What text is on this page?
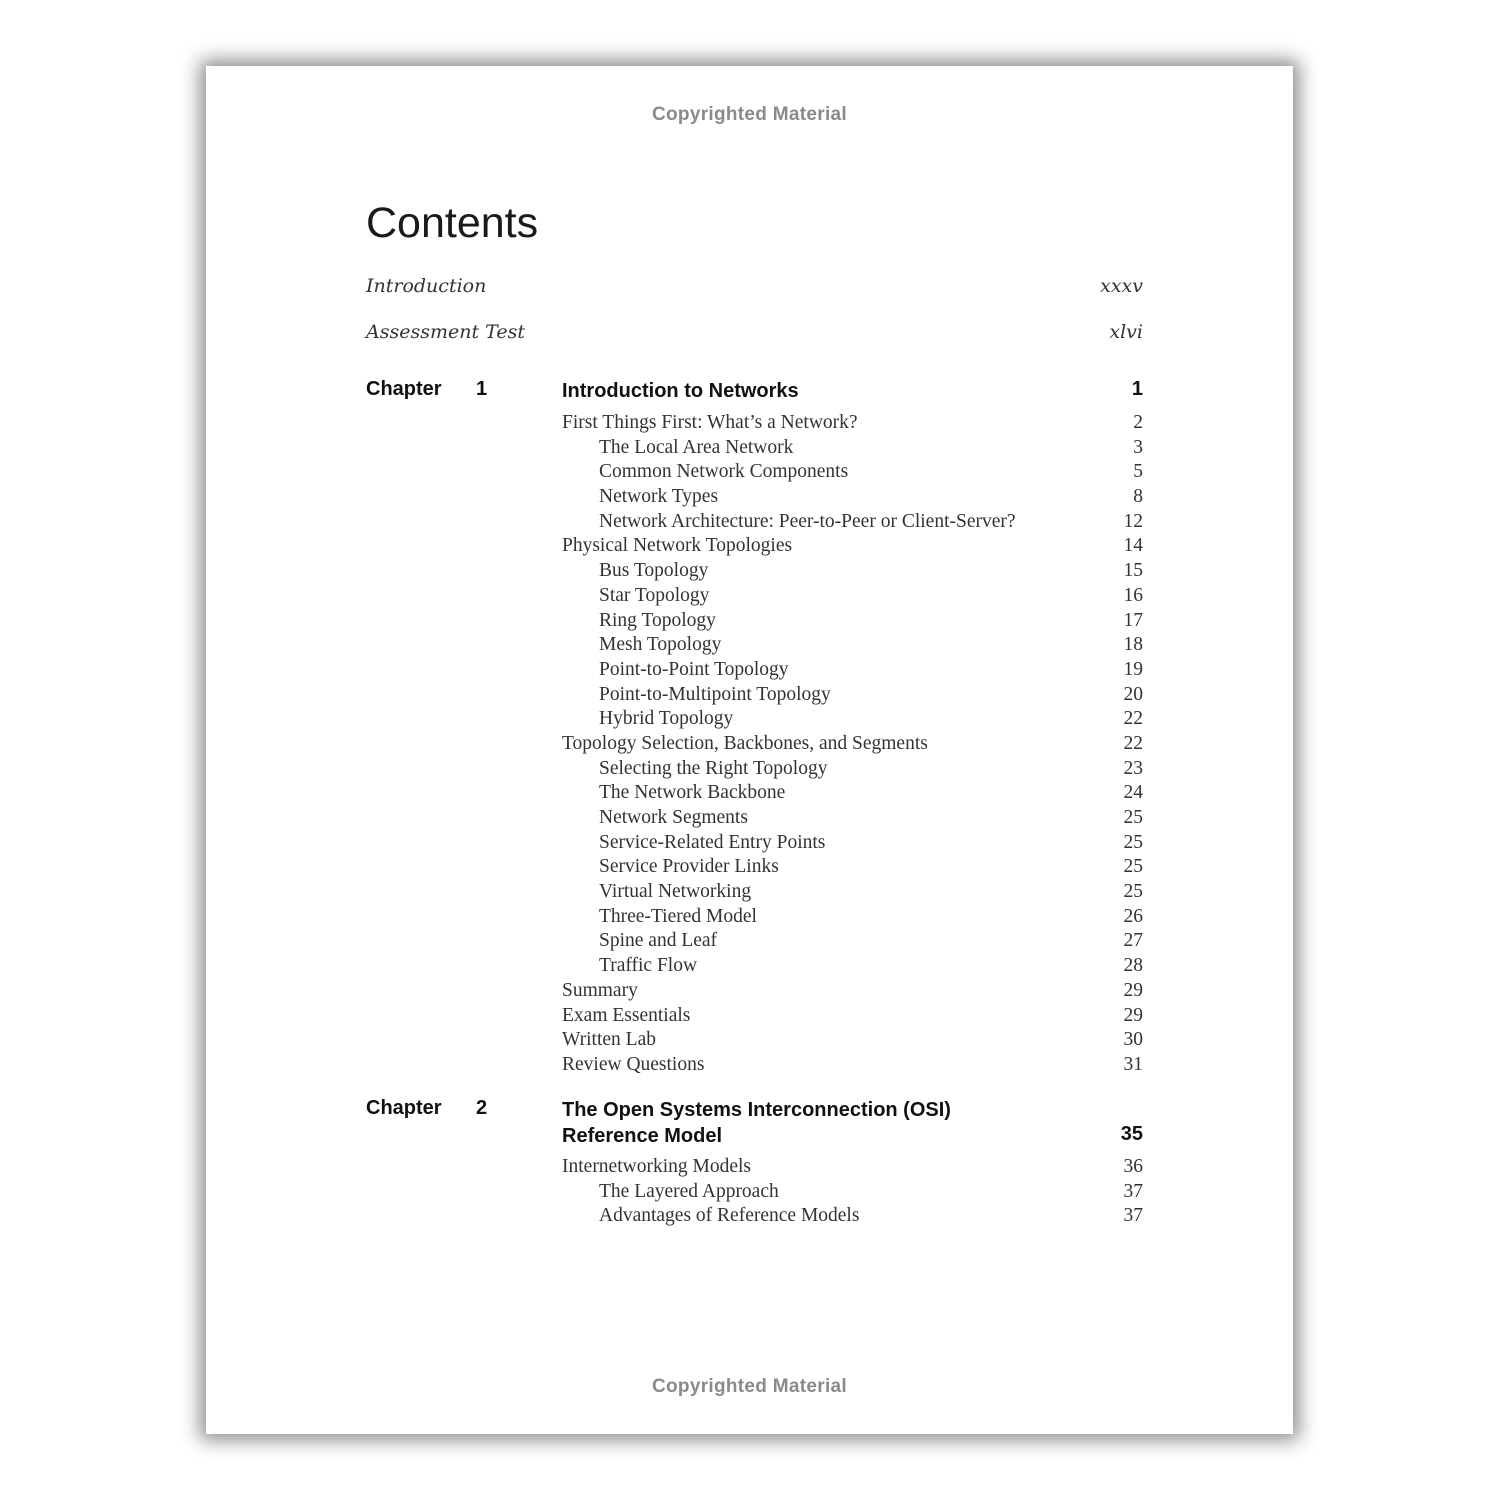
Copyrighted Material
Contents
Introduction	xxxv
Assessment Test	xlvi
Chapter 1	Introduction to Networks	1
First Things First: What’s a Network?	2
The Local Area Network	3
Common Network Components	5
Network Types	8
Network Architecture: Peer-to-Peer or Client-Server?	12
Physical Network Topologies	14
Bus Topology	15
Star Topology	16
Ring Topology	17
Mesh Topology	18
Point-to-Point Topology	19
Point-to-Multipoint Topology	20
Hybrid Topology	22
Topology Selection, Backbones, and Segments	22
Selecting the Right Topology	23
The Network Backbone	24
Network Segments	25
Service-Related Entry Points	25
Service Provider Links	25
Virtual Networking	25
Three-Tiered Model	26
Spine and Leaf	27
Traffic Flow	28
Summary	29
Exam Essentials	29
Written Lab	30
Review Questions	31
Chapter 2	The Open Systems Interconnection (OSI)
Reference Model	35
Internetworking Models	36
The Layered Approach	37
Advantages of Reference Models	37
Copyrighted Material
